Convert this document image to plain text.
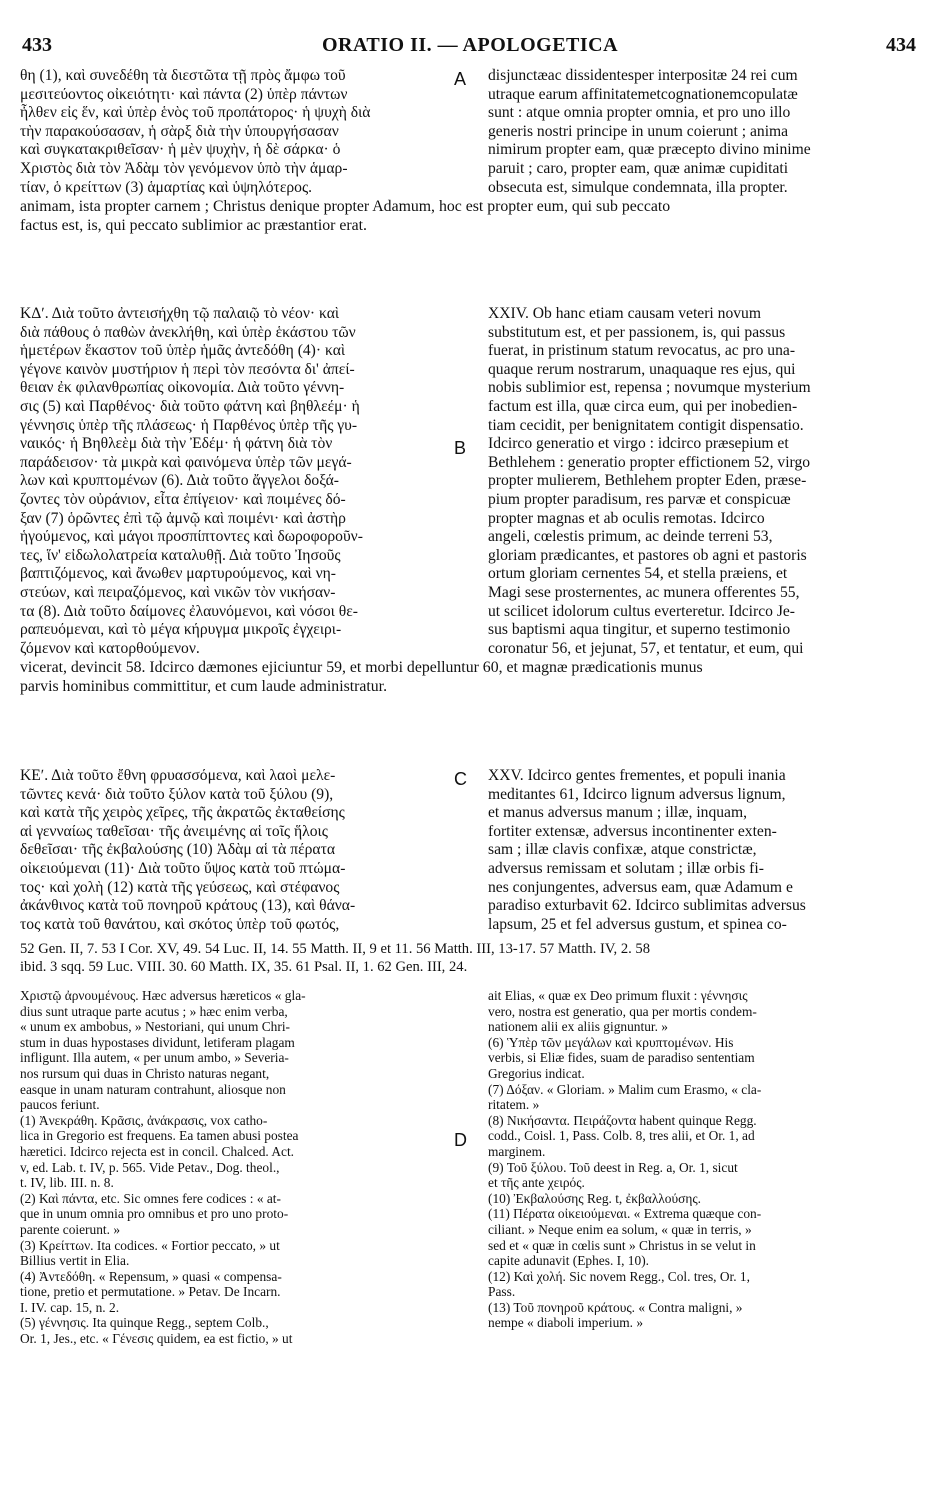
433	ORATIO II. — APOLOGETICA	434
θη (1), καὶ συνεδέθη τὰ διεστῶτα τῇ πρὸς ἄμφω τοῦ
μεσιτεύοντος οἰκειότητι· καὶ πάντα (2) ὑπὲρ πάντων
ἦλθεν εἰς ἕν, καὶ ὑπὲρ ἑνὸς τοῦ προπάτορος· ἡ ψυχὴ διὰ
τὴν παρακούσασαν, ἡ σὰρξ διὰ τὴν ὑπουργήσασαν
καὶ συγκατακριθεῖσαν· ἡ μὲν ψυχὴν, ἡ δὲ σάρκα· ὁ
Χριστὸς διὰ τὸν Ἀδὰμ τὸν γενόμενον ὑπὸ τὴν ἁμαρ-
τίαν, ὁ κρείττων (3) ἁμαρτίας καὶ ὑψηλότερος.
disjunctæac dissidentesper interpositæ 24 rei cum
utraque earum affinitatemetcognationemcopulatæ
sunt : atque omnia propter omnia, et pro uno illo
generis nostri principe in unum coierunt ; anima
nimirum propter eam, quæ præcepto divino minime
paruit ; caro, propter eam, quæ animæ cupiditati
obsecuta est, simulque condemnata, illa propter.
A
animam, ista propter carnem ; Christus denique propter Adamum, hoc est propter eum, qui sub peccato
factus est, is, qui peccato sublimior ac præstantior erat.
ΚΔʹ. Διὰ τοῦτο ἀντεισήχθη τῷ παλαιῷ τὸ νέον· καὶ
διὰ πάθους ὁ παθὼν ἀνεκλήθη, καὶ ὑπὲρ ἑκάστου τῶν
ἡμετέρων ἕκαστον τοῦ ὑπὲρ ἡμᾶς ἀντεδόθη (4)· καὶ
γέγονε καινὸν μυστήριον ἡ περὶ τὸν πεσόντα δι' ἀπεί-
θειαν ἐκ φιλανθρωπίας οἰκονομία. Διὰ τοῦτο γέννη-
σις (5) καὶ Παρθένος· διὰ τοῦτο φάτνη καὶ βηθλεέμ· ἡ
γέννησις ὑπὲρ τῆς πλάσεως· ἡ Παρθένος ὑπὲρ τῆς γυ-
ναικός· ἡ Βηθλεὲμ διὰ τὴν Ἐδέμ· ἡ φάτνη διὰ τὸν
παράδεισον· τὰ μικρὰ καὶ φαινόμενα ὑπὲρ τῶν μεγά-
λων καὶ κρυπτομένων (6). Διὰ τοῦτο ἄγγελοι δοξά-
ζοντες τὸν οὐράνιον, εἶτα ἐπίγειον· καὶ ποιμένες δό-
ξαν (7) ὁρῶντες ἐπὶ τῷ ἀμνῷ καὶ ποιμένι· καὶ ἀστὴρ
ἡγούμενος, καὶ μάγοι προσπίπτοντες καὶ δωροφοροῦν-
τες, ἵν' εἰδωλολατρεία καταλυθῇ. Διὰ τοῦτο Ἰησοῦς
βαπτιζόμενος, καὶ ἄνωθεν μαρτυρούμενος, καὶ νη-
στεύων, καὶ πειραζόμενος, καὶ νικῶν τὸν νικήσαν-
τα (8). Διὰ τοῦτο δαίμονες ἐλαυνόμενοι, καὶ νόσοι θε-
ραπευόμεναι, καὶ τὸ μέγα κήρυγμα μικροῖς ἐγχειρι-
ζόμενον καὶ κατορθούμενον.
XXIV. Ob hanc etiam causam veteri novum
substitutum est, et per passionem, is, qui passus
fuerat, in pristinum statum revocatus, ac pro una-
quaque rerum nostrarum, unaquaque res ejus, qui
nobis sublimior est, repensa ; novumque mysterium
factum est illa, quæ circa eum, qui per inobedien-
tiam cecidit, per benignitatem contigit dispensatio.
Idcirco generatio et virgo : idcirco præsepium et
Bethlehem : generatio propter effictionem 52, virgo
propter mulierem, Bethlehem propter Eden, præse-
pium propter paradisum, res parvæ et conspicuæ
propter magnas et ab oculis remotas. Idcirco
angeli, cœlestis primum, ac deinde terreni 53,
gloriam prædicantes, et pastores ob agni et pastoris
ortum gloriam cernentes 54, et stella præiens, et
Magi sese prosternentes, ac munera offerentes 55,
ut scilicet idolorum cultus everteretur. Idcirco Je-
sus baptismi aqua tingitur, et superno testimonio
coronatur 56, et jejunat, 57, et tentatur, et eum, qui
B
vicerat, devincit 58. Idcirco dæmones ejiciuntur 59, et morbi depelluntur 60, et magnæ prædicationis munus
parvis hominibus committitur, et cum laude administratur.
ΚΕʹ. Διὰ τοῦτο ἔθνη φρυασσόμενα, καὶ λαοὶ μελε-
τῶντες κενά· διὰ τοῦτο ξύλον κατὰ τοῦ ξύλου (9),
καὶ κατὰ τῆς χειρὸς χεῖρες, τῆς ἀκρατῶς ἐκταθείσης
αἱ γενναίως ταθεῖσαι· τῆς ἀνειμένης αἱ τοῖς ἥλοις
δεθεῖσαι· τῆς ἐκβαλούσης (10) Ἀδὰμ αἱ τὰ πέρατα
οἰκειούμεναι (11)· Διὰ τοῦτο ὕψος κατὰ τοῦ πτώμα-
τος· καὶ χολὴ (12) κατὰ τῆς γεύσεως, καὶ στέφανος
ἀκάνθινος κατὰ τοῦ πονηροῦ κράτους (13), καὶ θάνα-
τος κατὰ τοῦ θανάτου, καὶ σκότος ὑπὲρ τοῦ φωτός,
XXV. Idcirco gentes frementes, et populi inania
meditantes 61, Idcirco lignum adversus lignum,
et manus adversus manum ; illæ, inquam,
fortiter extensæ, adversus incontinenter exten-
sam ; illæ clavis confixæ, atque constrictæ,
adversus remissam et solutam ; illæ orbis fi-
nes conjungentes, adversus eam, quæ Adamum e
paradiso exturbavit 62. Idcirco sublimitas adversus
lapsum, 25 et fel adversus gustum, et spinea co-
C
52 Gen. II, 7. 53 I Cor. XV, 49. 54 Luc. II, 14. 55 Matth. II, 9 et 11. 56 Matth. III, 13-17. 57 Matth. IV, 2. 58
ibid. 3 sqq. 59 Luc. VIII. 30. 60 Matth. IX, 35. 61 Psal. II, 1. 62 Gen. III, 24.
Χριστῷ ἀρνουμένους. Hæc adversus hæreticos « gla-
dius sunt utraque parte acutus ; » hæc enim verba,
« unum ex ambobus, » Nestoriani, qui unum Chri-
stum in duas hypostases dividunt, letiferam plagam
infligunt. Illa autem, « per unum ambo, » Severia-
nos rursum qui duas in Christo naturas negant,
easque in unam naturam contrahunt, aliosque non
paucos feriunt.
(1) Ἀνεκράθη. Κρᾶσις, ἀνάκρασις, vox catho-
lica in Gregorio est frequens. Ea tamen abusi postea
hæretici. Idcirco rejecta est in concil. Chalced. Act.
v, ed. Lab. t. IV, p. 565. Vide Petav., Dog. theol.,
t. IV, lib. III. n. 8.
(2) Καὶ πάντα, etc. Sic omnes fere codices : « at-
que in unum omnia pro omnibus et pro uno proto-
parente coierunt. »
(3) Κρείττων. Ita codices. « Fortior peccato, » ut
Billius vertit in Elia.
(4) Ἀντεδόθη. « Repensum, » quasi « compensa-
tione, pretio et permutatione. » Petav. De Incarn.
I. IV. cap. 15, n. 2.
(5) γέννησις. Ita quinque Regg., septem Colb.,
Or. 1, Jes., etc. « Γένεσις quidem, ea est fictio, » ut
ait Elias, « quæ ex Deo primum fluxit : γέννησις
vero, nostra est generatio, qua per mortis condem-
nationem alii ex aliis gignuntur. »
(6) Ὑπὲρ τῶν μεγάλων καὶ κρυπτομένων. His
verbis, si Eliæ fides, suam de paradiso sententiam
Gregorius indicat.
(7) Δόξαν. « Gloriam. » Malim cum Erasmo, « cla-
ritatem. »
(8) Νικήσαντα. Πειράζοντα habent quinque Regg.
codd., Coisl. 1, Pass. Colb. 8, tres alii, et Or. 1, ad
marginem.
(9) Τοῦ ξύλου. Τοῦ deest in Reg. a, Or. 1, sicut
et τῆς ante χειρός.
(10) Ἐκβαλούσης Reg. t, ἐκβαλλούσης.
(11) Πέρατα οἰκειούμεναι. « Extrema quæque con-
ciliant. » Neque enim ea solum, « quæ in terris, »
sed et « quæ in cœlis sunt » Christus in se velut in
capite adunavit (Ephes. I, 10).
(12) Καὶ χολή. Sic novem Regg., Col. tres, Or. 1,
Pass.
(13) Τοῦ πονηροῦ κράτους. « Contra maligni, »
nempe « diaboli imperium. »
D
